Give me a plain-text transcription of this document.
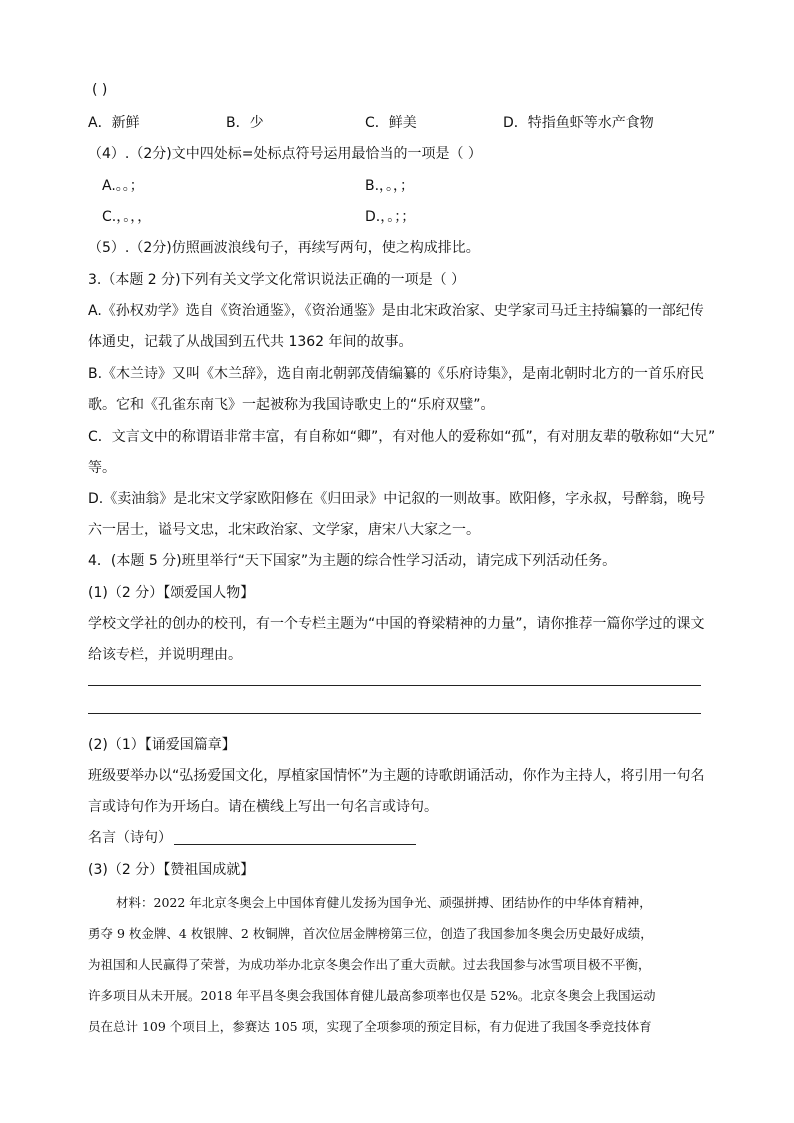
( )
A．新鲜	B．少	C．鲜美	D．特指鱼虾等水产食物
（4）.（2分)文中四处标=处标点符号运用最恰当的一项是（ ）
A.。。；	B.，。，；
C.，。，，	D.，。；；
（5）.（2分)仿照画波浪线句子，再续写两句，使之构成排比。
3.（本题 2 分)下列有关文学文化常识说法正确的一项是（ ）
A.《孙权劝学》选自《资治通鉴》，《资治通鉴》是由北宋政治家、史学家司马迁主持编纂的一部纪传
体通史，记载了从战国到五代共 1362 年间的故事。
B.《木兰诗》又叫《木兰辞》，选自南北朝郭茂倩编纂的《乐府诗集》，是南北朝时北方的一首乐府民
歌。它和《孔雀东南飞》一起被称为我国诗歌史上的“乐府双璧”。
C．文言文中的称谓语非常丰富，有自称如“卿”，有对他人的爱称如“孤”，有对朋友辈的敬称如“大兄”
等。
D.《卖油翁》是北宋文学家欧阳修在《归田录》中记叙的一则故事。欧阳修，字永叔，号醉翁，晚号
六一居士，谥号文忠，北宋政治家、文学家，唐宋八大家之一。
4．(本题 5 分)班里举行“天下国家”为主题的综合性学习活动，请完成下列活动任务。
(1)（2 分）【颂爱国人物】
学校文学社的创办的校刊，有一个专栏主题为“中国的脊梁精神的力量”，请你推荐一篇你学过的课文
给该专栏，并说明理由。
(2)（1）【诵爱国篇章】
班级要举办以“弘扬爱国文化，厚植家国情怀”为主题的诗歌朗诵活动，你作为主持人，将引用一句名
言或诗句作为开场白。请在横线上写出一句名言或诗句。
名言（诗句）
(3)（2 分）【赞祖国成就】
材料：2022 年北京冬奥会上中国体育健儿发扬为国争光、顽强拼搏、团结协作的中华体育精神，
勇夺 9 枚金牌、4 枚银牌、2 枚铜牌，首次位居金牌榜第三位，创造了我国参加冬奥会历史最好成绩，
为祖国和人民赢得了荣誉，为成功举办北京冬奥会作出了重大贡献。过去我国参与冰雪项目极不平衡，
许多项目从未开展。2018 年平昌冬奥会我国体育健儿最高参项率也仅是 52%。北京冬奥会上我国运动
员在总计 109 个项目上，参赛达 105 项，实现了全项参项的预定目标，有力促进了我国冬季竞技体育
